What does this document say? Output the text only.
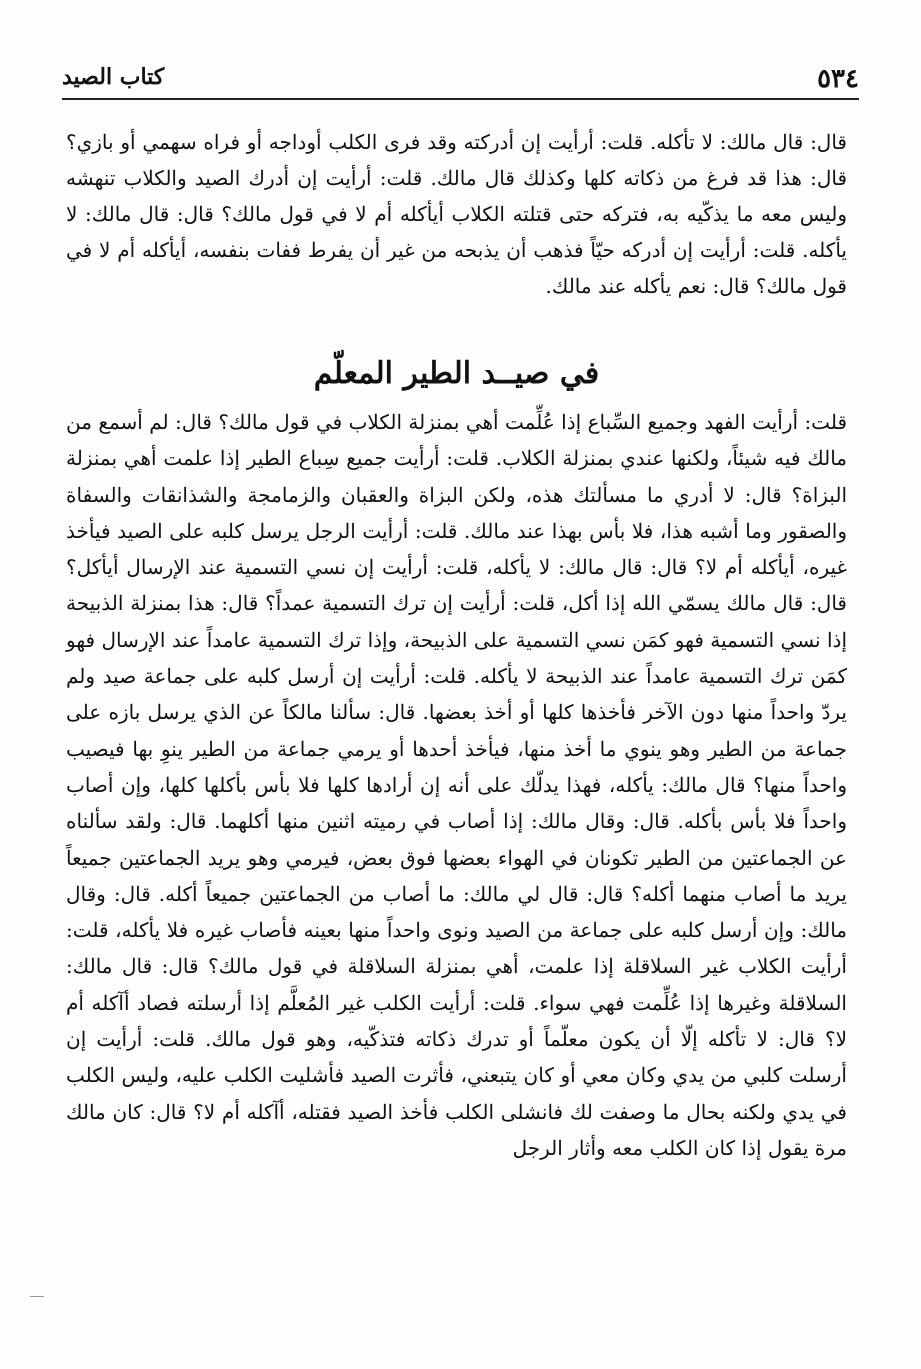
٥٣٤
كتاب الصيد

قال: قال مالك: لا تأكله. قلت: أرأيت إن أدركته وقد فرى الكلب أوداجه أو فراه سهمي أو بازي؟ قال: هذا قد فرغ من ذكاته كلها وكذلك قال مالك. قلت: أرأيت إن أدرك الصيد والكلاب تنهشه وليس معه ما يذكّيه به، فتركه حتى قتلته الكلاب أيأكله أم لا في قول مالك؟ قال: قال مالك: لا يأكله. قلت: أرأيت إن أدركه حيّاً فذهب أن يذبحه من غير أن يفرط ففات بنفسه، أيأكله أم لا في قول مالك؟ قال: نعم يأكله عند مالك.

في صيــد الطير المعلّم

قلت: أرأيت الفهد وجميع السِّباع إذا عُلِّمت أهي بمنزلة الكلاب في قول مالك؟ قال: لم أسمع من مالك فيه شيئاً، ولكنها عندي بمنزلة الكلاب. قلت: أرأيت جميع سِباع الطير إذا علمت أهي بمنزلة البزاة؟ قال: لا أدري ما مسألتك هذه، ولكن البزاة والعقبان والزمامجة والشذانقات والسفاة والصقور وما أشبه هذا، فلا بأس بهذا عند مالك. قلت: أرأيت الرجل يرسل كلبه على الصيد فيأخذ غيره، أيأكله أم لا؟ قال: قال مالك: لا يأكله، قلت: أرأيت إن نسي التسمية عند الإرسال أيأكل؟ قال: قال مالك يسمّي الله إذا أكل، قلت: أرأيت إن ترك التسمية عمداً؟ قال: هذا بمنزلة الذبيحة إذا نسي التسمية فهو كمَن نسي التسمية على الذبيحة، وإذا ترك التسمية عامداً عند الإرسال فهو كمَن ترك التسمية عامداً عند الذبيحة لا يأكله. قلت: أرأيت إن أرسل كلبه على جماعة صيد ولم يردّ واحداً منها دون الآخر فأخذها كلها أو أخذ بعضها. قال: سألنا مالكاً عن الذي يرسل بازه على جماعة من الطير وهو ينوي ما أخذ منها، فيأخذ أحدها أو يرمي جماعة من الطير ينوِ بها فيصيب واحداً منها؟ قال مالك: يأكله، فهذا يدلّك على أنه إن أرادها كلها فلا بأس بأكلها كلها، وإن أصاب واحداً فلا بأس بأكله. قال: وقال مالك: إذا أصاب في رميته اثنين منها أكلهما. قال: ولقد سألناه عن الجماعتين من الطير تكونان في الهواء بعضها فوق بعض، فيرمي وهو يريد الجماعتين جميعاً يريد ما أصاب منهما أكله؟ قال: قال لي مالك: ما أصاب من الجماعتين جميعاً أكله. قال: وقال مالك: وإن أرسل كلبه على جماعة من الصيد ونوى واحداً منها بعينه فأصاب غيره فلا يأكله، قلت: أرأيت الكلاب غير السلاقلة إذا علمت، أهي بمنزلة السلاقلة في قول مالك؟ قال: قال مالك: السلاقلة وغيرها إذا عُلِّمت فهي سواء. قلت: أرأيت الكلب غير المُعلَّم إذا أرسلته فصاد أآكله أم لا؟ قال: لا تأكله إلّا أن يكون معلّماً أو تدرك ذكاته فتذكّيه، وهو قول مالك. قلت: أرأيت إن أرسلت كلبي من يدي وكان معي أو كان يتبعني، فأثرت الصيد فأشليت الكلب عليه، وليس الكلب في يدي ولكنه بحال ما وصفت لك فانشلى الكلب فأخذ الصيد فقتله، أآكله أم لا؟ قال: كان مالك مرة يقول إذا كان الكلب معه وأثار الرجل
